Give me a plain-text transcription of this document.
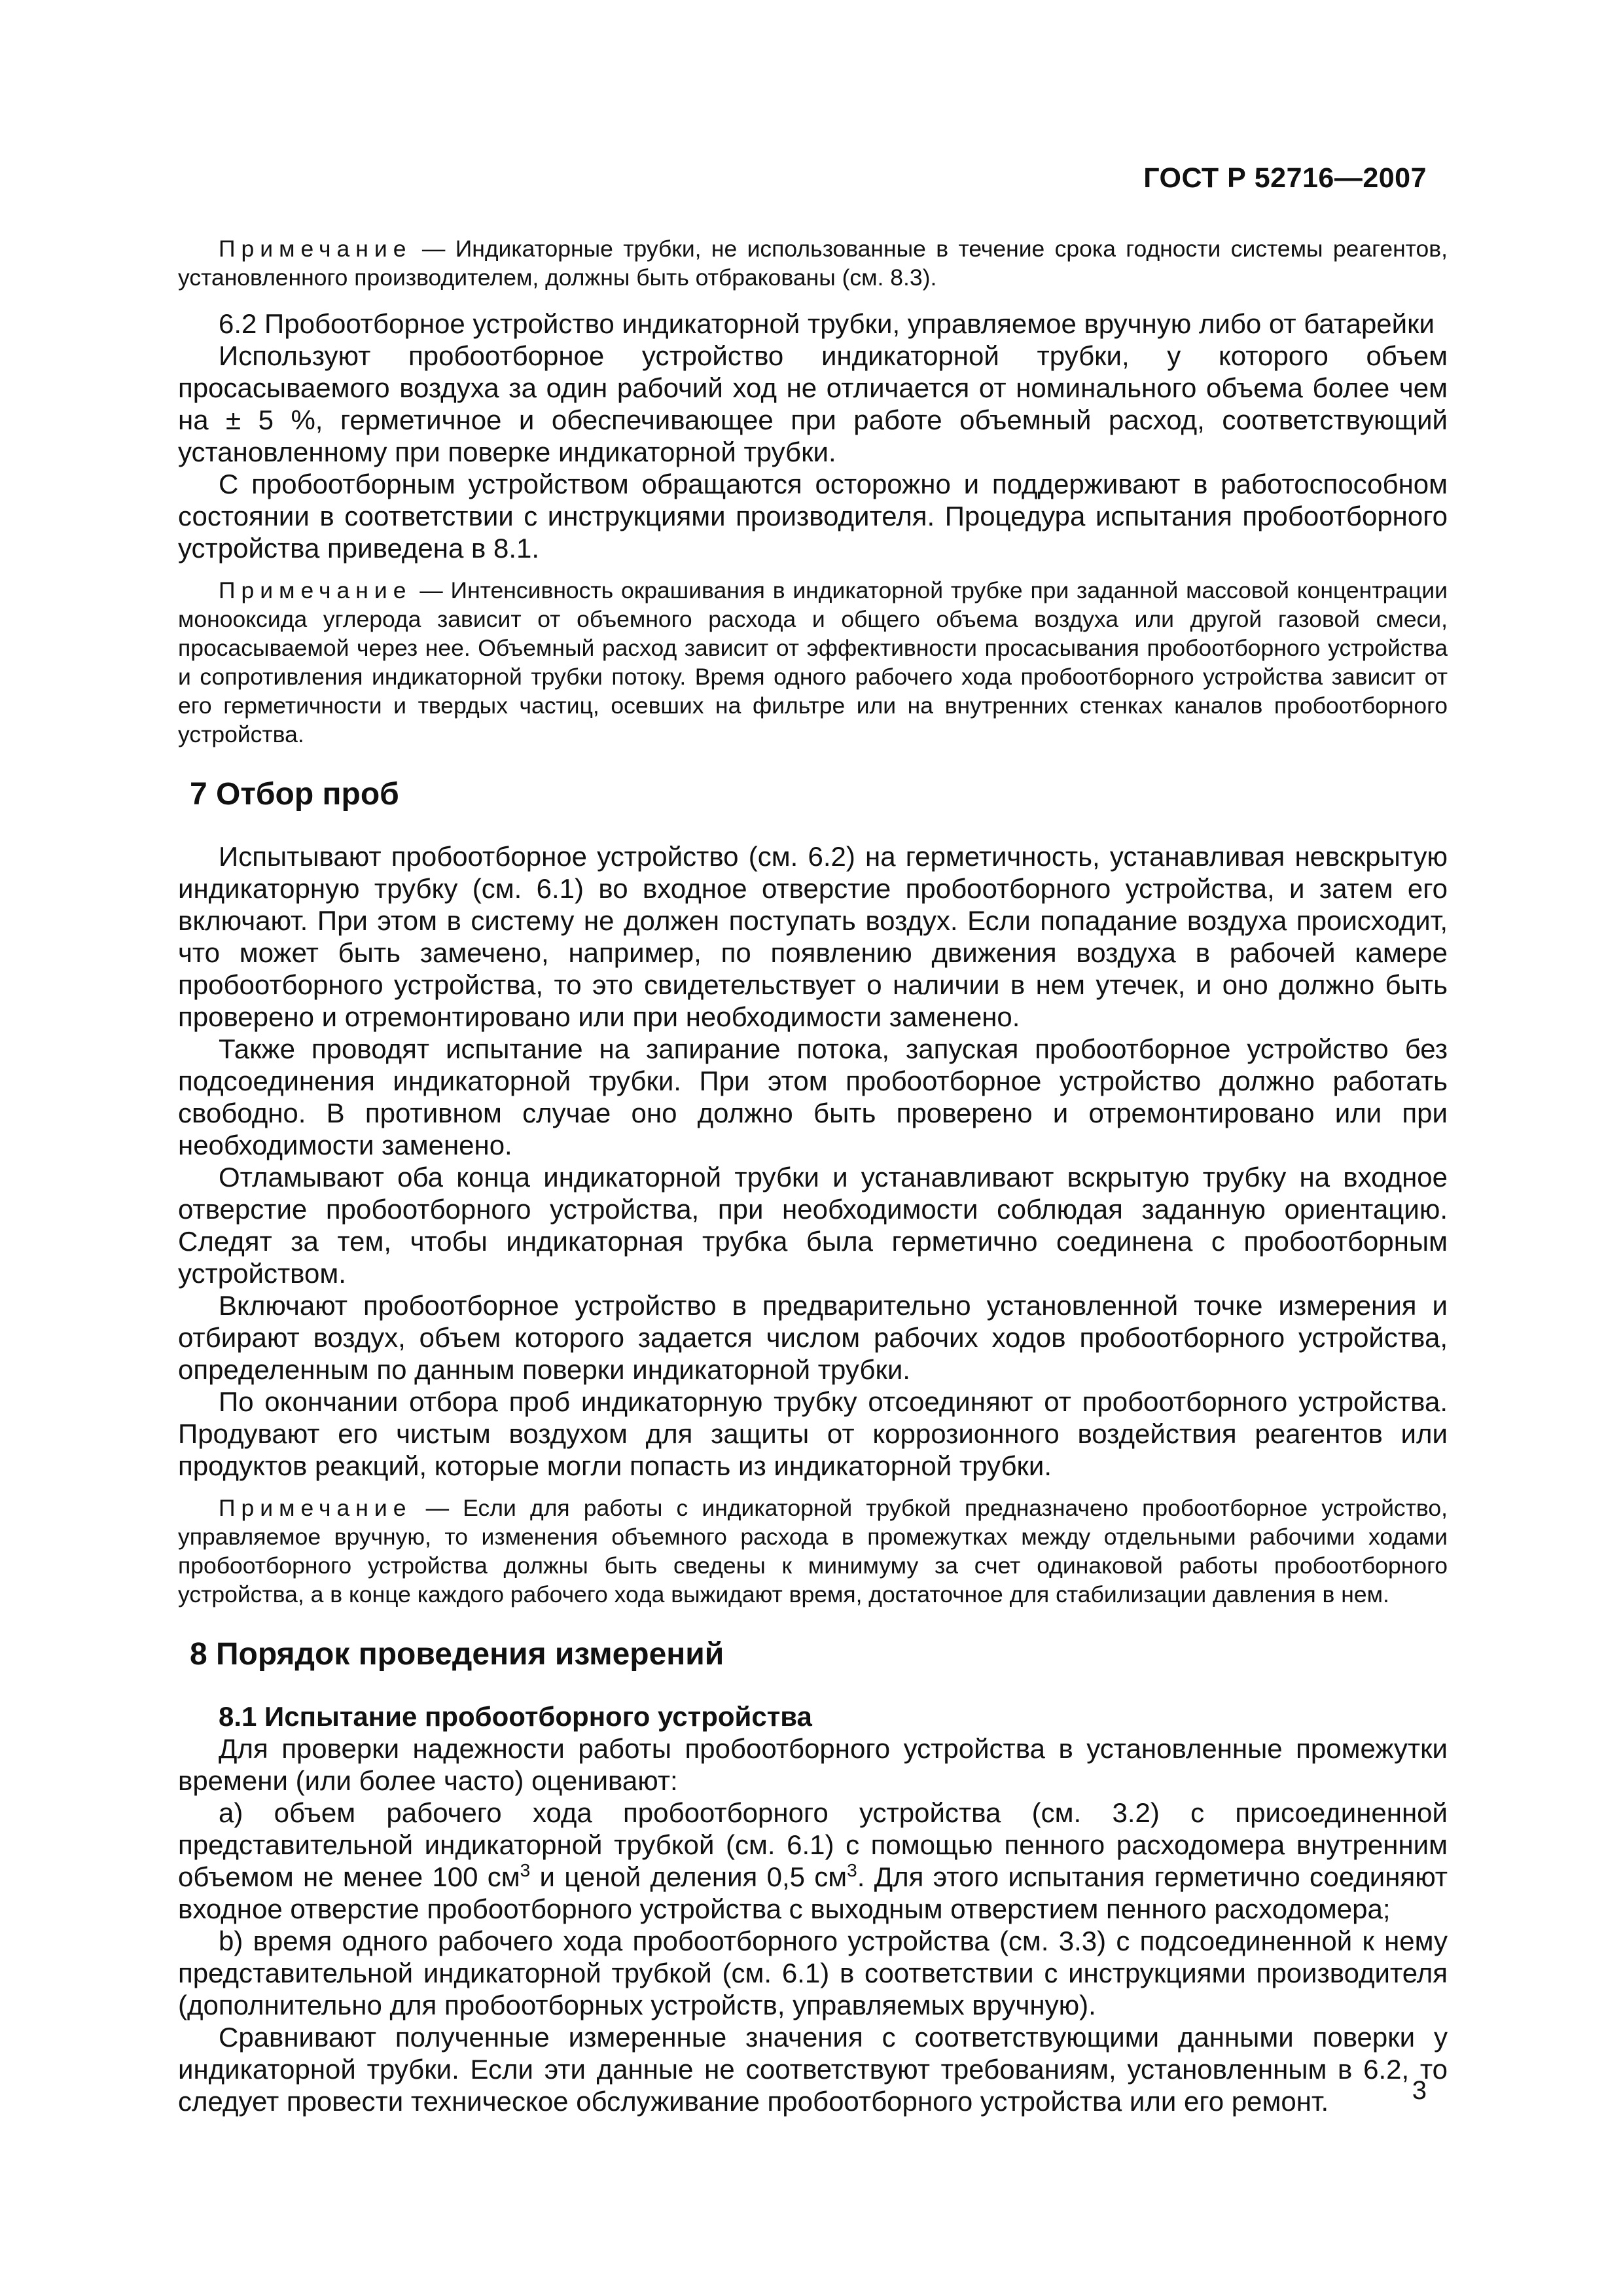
ГОСТ Р 52716—2007

Примечание — Индикаторные трубки, не использованные в течение срока годности системы реагентов, установленного производителем, должны быть отбракованы (см. 8.3).

6.2 Пробоотборное устройство индикаторной трубки, управляемое вручную либо от батарейки

Используют пробоотборное устройство индикаторной трубки, у которого объем просасываемого воздуха за один рабочий ход не отличается от номинального объема более чем на ± 5 %, герметичное и обеспечивающее при работе объемный расход, соответствующий установленному при поверке индикаторной трубки.

С пробоотборным устройством обращаются осторожно и поддерживают в работоспособном состоянии в соответствии с инструкциями производителя. Процедура испытания пробоотборного устройства приведена в 8.1.

Примечание — Интенсивность окрашивания в индикаторной трубке при заданной массовой концентрации монооксида углерода зависит от объемного расхода и общего объема воздуха или другой газовой смеси, просасываемой через нее. Объемный расход зависит от эффективности просасывания пробоотборного устройства и сопротивления индикаторной трубки потоку. Время одного рабочего хода пробоотборного устройства зависит от его герметичности и твердых частиц, осевших на фильтре или на внутренних стенках каналов пробоотборного устройства.

7 Отбор проб

Испытывают пробоотборное устройство (см. 6.2) на герметичность, устанавливая невскрытую индикаторную трубку (см. 6.1) во входное отверстие пробоотборного устройства, и затем его включают. При этом в систему не должен поступать воздух. Если попадание воздуха происходит, что может быть замечено, например, по появлению движения воздуха в рабочей камере пробоотборного устройства, то это свидетельствует о наличии в нем утечек, и оно должно быть проверено и отремонтировано или при необходимости заменено.

Также проводят испытание на запирание потока, запуская пробоотборное устройство без подсоединения индикаторной трубки. При этом пробоотборное устройство должно работать свободно. В противном случае оно должно быть проверено и отремонтировано или при необходимости заменено.

Отламывают оба конца индикаторной трубки и устанавливают вскрытую трубку на входное отверстие пробоотборного устройства, при необходимости соблюдая заданную ориентацию. Следят за тем, чтобы индикаторная трубка была герметично соединена с пробоотборным устройством.

Включают пробоотборное устройство в предварительно установленной точке измерения и отбирают воздух, объем которого задается числом рабочих ходов пробоотборного устройства, определенным по данным поверки индикаторной трубки.

По окончании отбора проб индикаторную трубку отсоединяют от пробоотборного устройства. Продувают его чистым воздухом для защиты от коррозионного воздействия реагентов или продуктов реакций, которые могли попасть из индикаторной трубки.

Примечание — Если для работы с индикаторной трубкой предназначено пробоотборное устройство, управляемое вручную, то изменения объемного расхода в промежутках между отдельными рабочими ходами пробоотборного устройства должны быть сведены к минимуму за счет одинаковой работы пробоотборного устройства, а в конце каждого рабочего хода выжидают время, достаточное для стабилизации давления в нем.

8 Порядок проведения измерений

8.1 Испытание пробоотборного устройства

Для проверки надежности работы пробоотборного устройства в установленные промежутки времени (или более часто) оценивают:

а) объем рабочего хода пробоотборного устройства (см. 3.2) с присоединенной представительной индикаторной трубкой (см. 6.1) с помощью пенного расходомера внутренним объемом не менее 100 $см^3$ и ценой деления 0,5 $см^3$. Для этого испытания герметично соединяют входное отверстие пробоотборного устройства с выходным отверстием пенного расходомера;

b) время одного рабочего хода пробоотборного устройства (см. 3.3) с подсоединенной к нему представительной индикаторной трубкой (см. 6.1) в соответствии с инструкциями производителя (дополнительно для пробоотборных устройств, управляемых вручную).

Сравнивают полученные измеренные значения с соответствующими данными поверки у индикаторной трубки. Если эти данные не соответствуют требованиям, установленным в 6.2, то следует провести техническое обслуживание пробоотборного устройства или его ремонт.	3
